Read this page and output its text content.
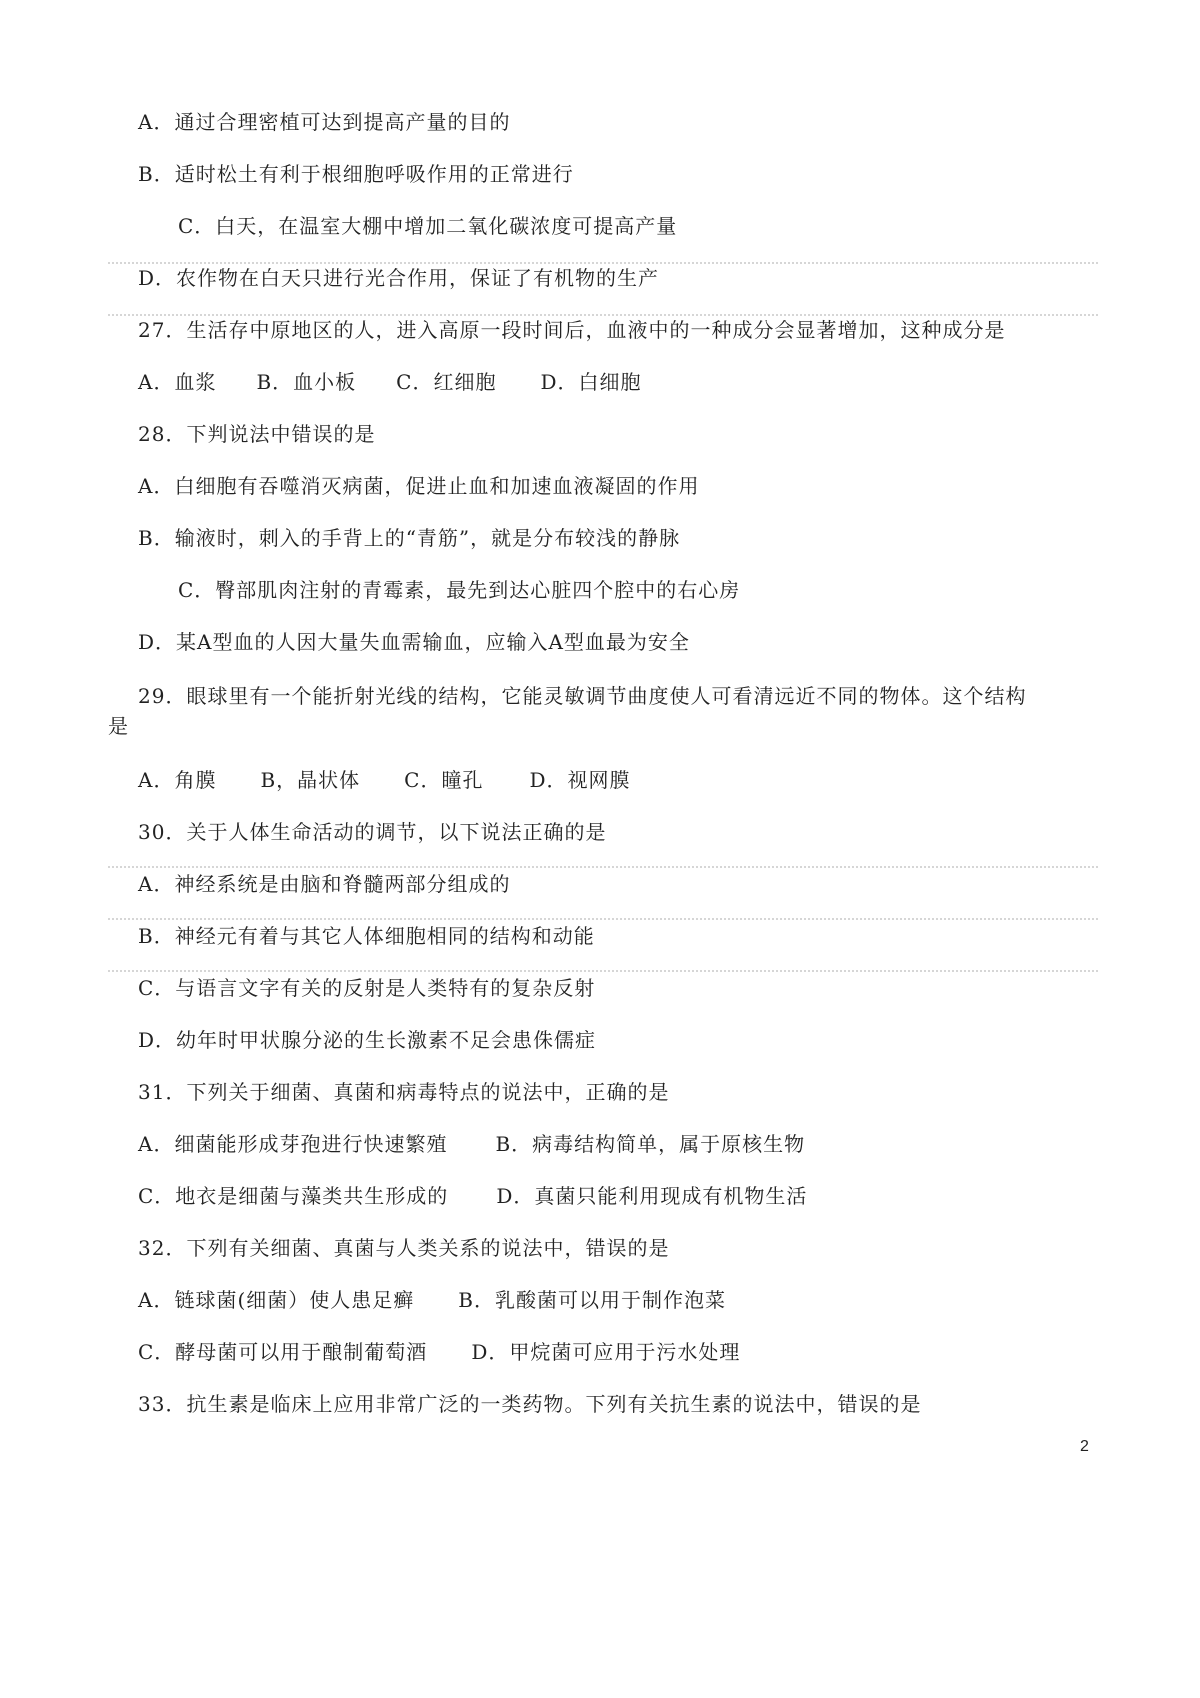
A．通过合理密植可达到提高产量的目的
B．适时松土有利于根细胞呼吸作用的正常进行
C．白天，在温室大棚中增加二氧化碳浓度可提高产量
D．农作物在白天只进行光合作用，保证了有机物的生产
27．生活存中原地区的人，进入高原一段时间后，血液中的一种成分会显著增加，这种成分是
A．血浆 B．血小板 C．红细胞 D．白细胞
28．下判说法中错误的是
A．白细胞有吞噬消灭病菌，促进止血和加速血液凝固的作用
B．输液时，刺入的手背上的“青筋”，就是分布较浅的静脉
C．臀部肌肉注射的青霉素，最先到达心脏四个腔中的右心房
D．某A型血的人因大量失血需输血，应输入A型血最为安全
29．眼球里有一个能折射光线的结构，它能灵敏调节曲度使人可看清远近不同的物体。这个结构
是
A．角膜 B，晶状体 C．瞳孔 D．视网膜
30．关于人体生命活动的调节，以下说法正确的是
A．神经系统是由脑和脊髓两部分组成的
B．神经元有着与其它人体细胞相同的结构和动能
C．与语言文字有关的反射是人类特有的复杂反射
D．幼年时甲状腺分泌的生长激素不足会患侏儒症
31．下列关于细菌、真菌和病毒特点的说法中，正确的是
A．细菌能形成芽孢进行快速繁殖 B．病毒结构简单，属于原核生物
C．地衣是细菌与藻类共生形成的 D．真菌只能利用现成有机物生活
32．下列有关细菌、真菌与人类关系的说法中，错误的是
A．链球菌(细菌）使人患足癣 B．乳酸菌可以用于制作泡菜
C．酵母菌可以用于酿制葡萄酒 D．甲烷菌可应用于污水处理
33．抗生素是临床上应用非常广泛的一类药物。下列有关抗生素的说法中，错误的是
2
